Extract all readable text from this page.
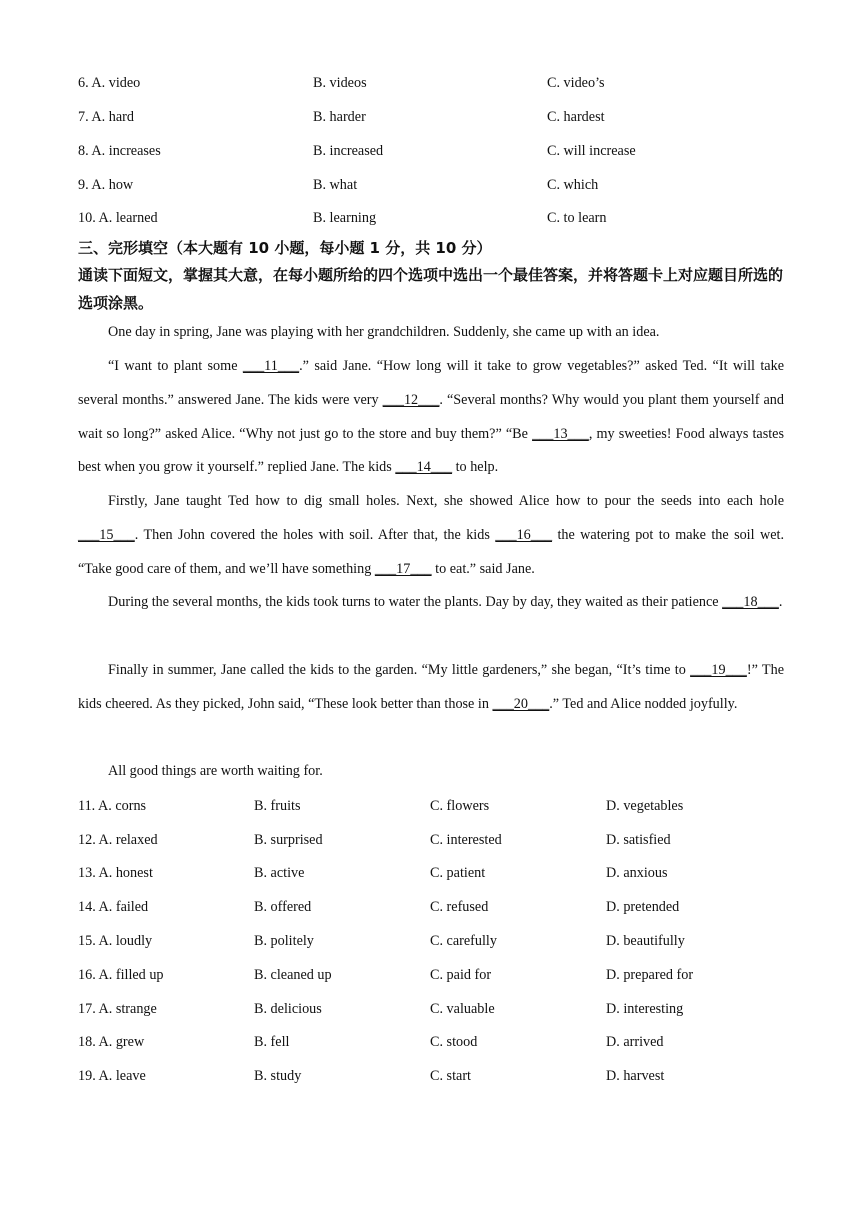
6. A. video	B. videos	C. video’s
7. A. hard	B. harder	C. hardest
8. A. increases	B. increased	C. will increase
9. A. how	B. what	C. which
10. A. learned	B. learning	C. to learn
三、完形填空（本大题有 10 小题，每小题 1 分，共 10 分）
通读下面短文，掌握其大意，在每小题所给的四个选项中选出一个最佳答案，并将答题卡上对应题目所选的选项涂黑。
One day in spring, Jane was playing with her grandchildren. Suddenly, she came up with an idea.
“I want to plant some ___11___.” said Jane. “How long will it take to grow vegetables?” asked Ted. “It will take several months.” answered Jane. The kids were very ___12___. “Several months? Why would you plant them yourself and wait so long?” asked Alice. “Why not just go to the store and buy them?” “Be ___13___, my sweeties! Food always tastes best when you grow it yourself.” replied Jane. The kids ___14___ to help.
Firstly, Jane taught Ted how to dig small holes. Next, she showed Alice how to pour the seeds into each hole ___15___. Then John covered the holes with soil. After that, the kids ___16___ the watering pot to make the soil wet. “Take good care of them, and we’ll have something ___17___ to eat.” said Jane.
During the several months, the kids took turns to water the plants. Day by day, they waited as their patience ___18___.
Finally in summer, Jane called the kids to the garden. “My little gardeners,” she began, “It’s time to ___19___!” The kids cheered. As they picked, John said, “These look better than those in ___20___.” Ted and Alice nodded joyfully.
All good things are worth waiting for.
11. A. corns	B. fruits	C. flowers	D. vegetables
12. A. relaxed	B. surprised	C. interested	D. satisfied
13. A. honest	B. active	C. patient	D. anxious
14. A. failed	B. offered	C. refused	D. pretended
15. A. loudly	B. politely	C. carefully	D. beautifully
16. A. filled up	B. cleaned up	C. paid for	D. prepared for
17. A. strange	B. delicious	C. valuable	D. interesting
18. A. grew	B. fell	C. stood	D. arrived
19. A. leave	B. study	C. start	D. harvest
